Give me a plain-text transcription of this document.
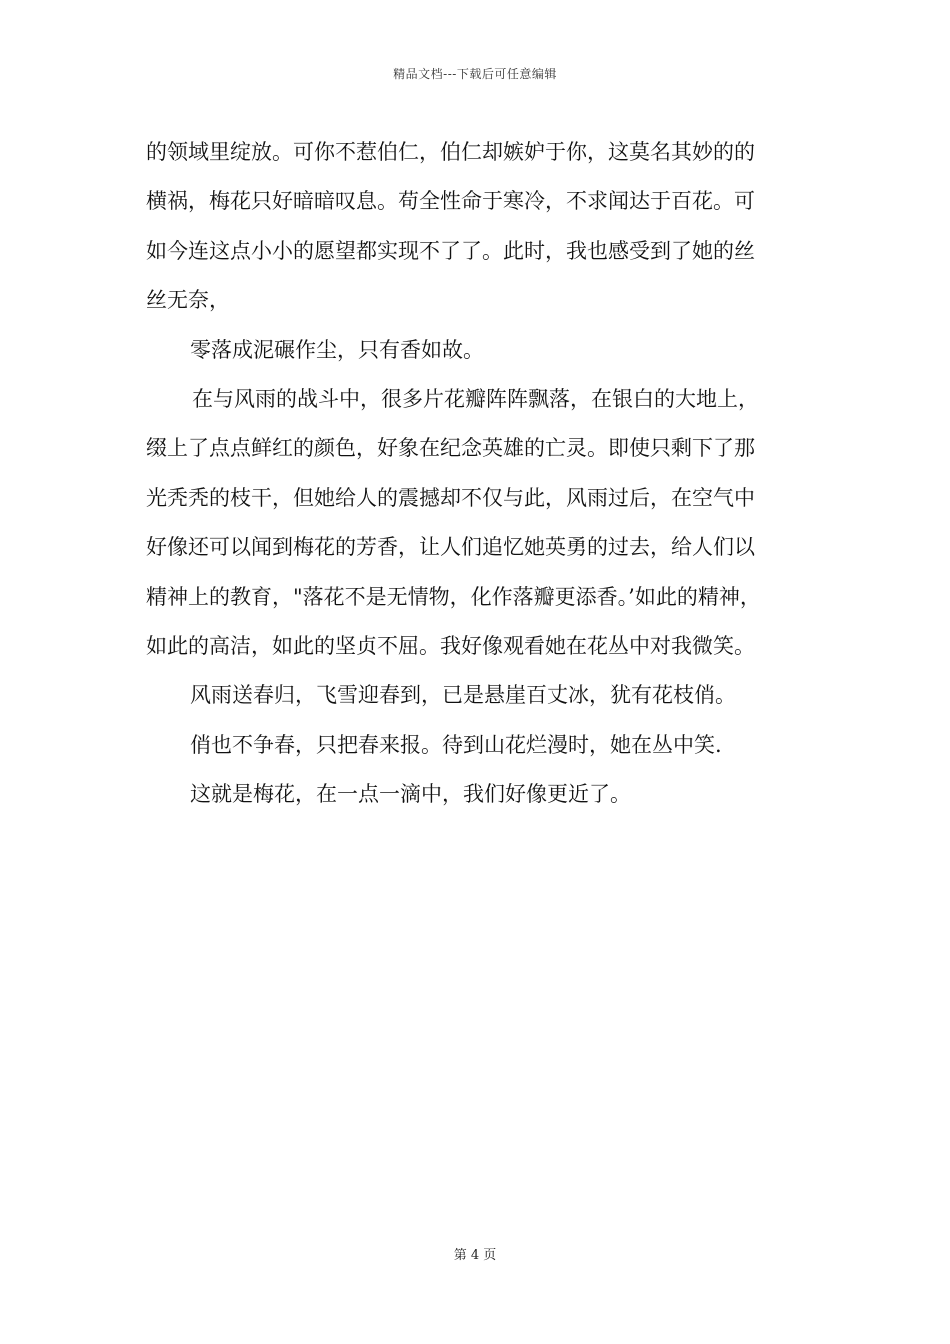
精品文档---下载后可任意编辑

的领域里绽放。可你不惹伯仁，伯仁却嫉妒于你，这莫名其妙的的

横祸，梅花只好暗暗叹息。苟全性命于寒冷，不求闻达于百花。可

如今连这点小小的愿望都实现不了了。此时，我也感受到了她的丝

丝无奈，

零落成泥碾作尘，只有香如故。

在与风雨的战斗中，很多片花瓣阵阵飘落，在银白的大地上，

缀上了点点鲜红的颜色，好象在纪念英雄的亡灵。即使只剩下了那

光秃秃的枝干，但她给人的震撼却不仅与此，风雨过后，在空气中

好像还可以闻到梅花的芳香，让人们追忆她英勇的过去，给人们以

精神上的教育，"落花不是无情物，化作落瓣更添香。’如此的精神，

如此的高洁，如此的坚贞不屈。我好像观看她在花丛中对我微笑。

风雨送春归，飞雪迎春到，已是悬崖百丈冰，犹有花枝俏。

俏也不争春，只把春来报。待到山花烂漫时，她在丛中笑.

这就是梅花，在一点一滴中，我们好像更近了。

第 4 页
